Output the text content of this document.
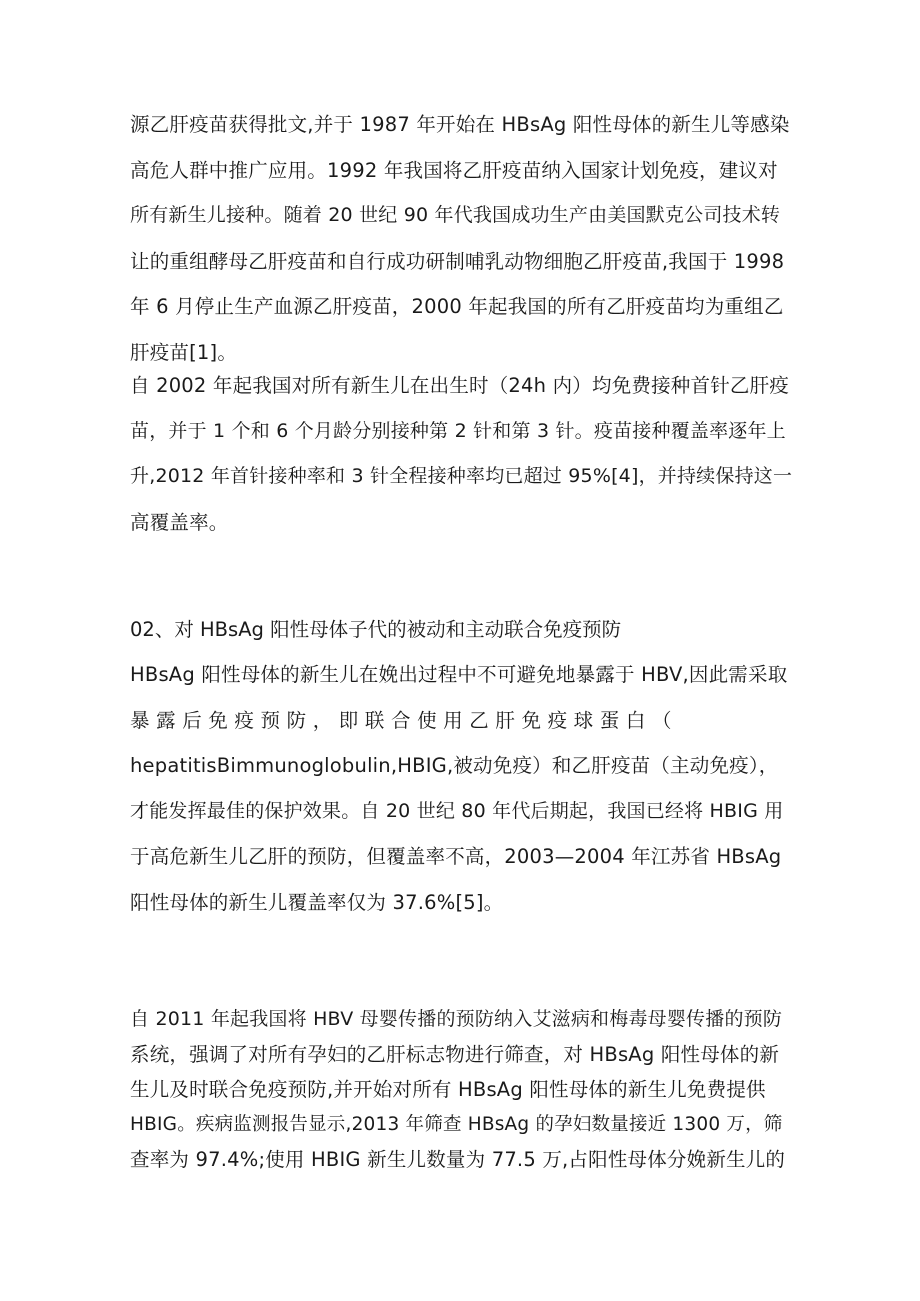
源乙肝疫苗获得批文,并于 1987 年开始在 HBsAg 阳性母体的新生儿等感染
高危人群中推广应用。1992 年我国将乙肝疫苗纳入国家计划免疫，建议对
所有新生儿接种。随着 20 世纪 90 年代我国成功生产由美国默克公司技术转
让的重组酵母乙肝疫苗和自行成功研制哺乳动物细胞乙肝疫苗,我国于 1998
年 6 月停止生产血源乙肝疫苗，2000 年起我国的所有乙肝疫苗均为重组乙
肝疫苗[1]。
自 2002 年起我国对所有新生儿在出生时（24h 内）均免费接种首针乙肝疫
苗，并于 1 个和 6 个月龄分别接种第 2 针和第 3 针。疫苗接种覆盖率逐年上
升,2012 年首针接种率和 3 针全程接种率均已超过 95%[4]，并持续保持这一
高覆盖率。
02、对 HBsAg 阳性母体子代的被动和主动联合免疫预防
HBsAg 阳性母体的新生儿在娩出过程中不可避免地暴露于 HBV,因此需采取
暴 露 后 免 疫 预 防 ， 即 联 合 使 用 乙 肝 免 疫 球 蛋 白 （
hepatitisBimmunoglobulin,HBIG,被动免疫）和乙肝疫苗（主动免疫），
才能发挥最佳的保护效果。自 20 世纪 80 年代后期起，我国已经将 HBIG 用
于高危新生儿乙肝的预防，但覆盖率不高，2003—2004 年江苏省 HBsAg
阳性母体的新生儿覆盖率仅为 37.6%[5]。
自 2011 年起我国将 HBV 母婴传播的预防纳入艾滋病和梅毒母婴传播的预防
系统，强调了对所有孕妇的乙肝标志物进行筛查，对 HBsAg 阳性母体的新
生儿及时联合免疫预防,并开始对所有 HBsAg 阳性母体的新生儿免费提供
HBIG。疾病监测报告显示,2013 年筛查 HBsAg 的孕妇数量接近 1300 万，筛
查率为 97.4%;使用 HBIG 新生儿数量为 77.5 万,占阳性母体分娩新生儿的
